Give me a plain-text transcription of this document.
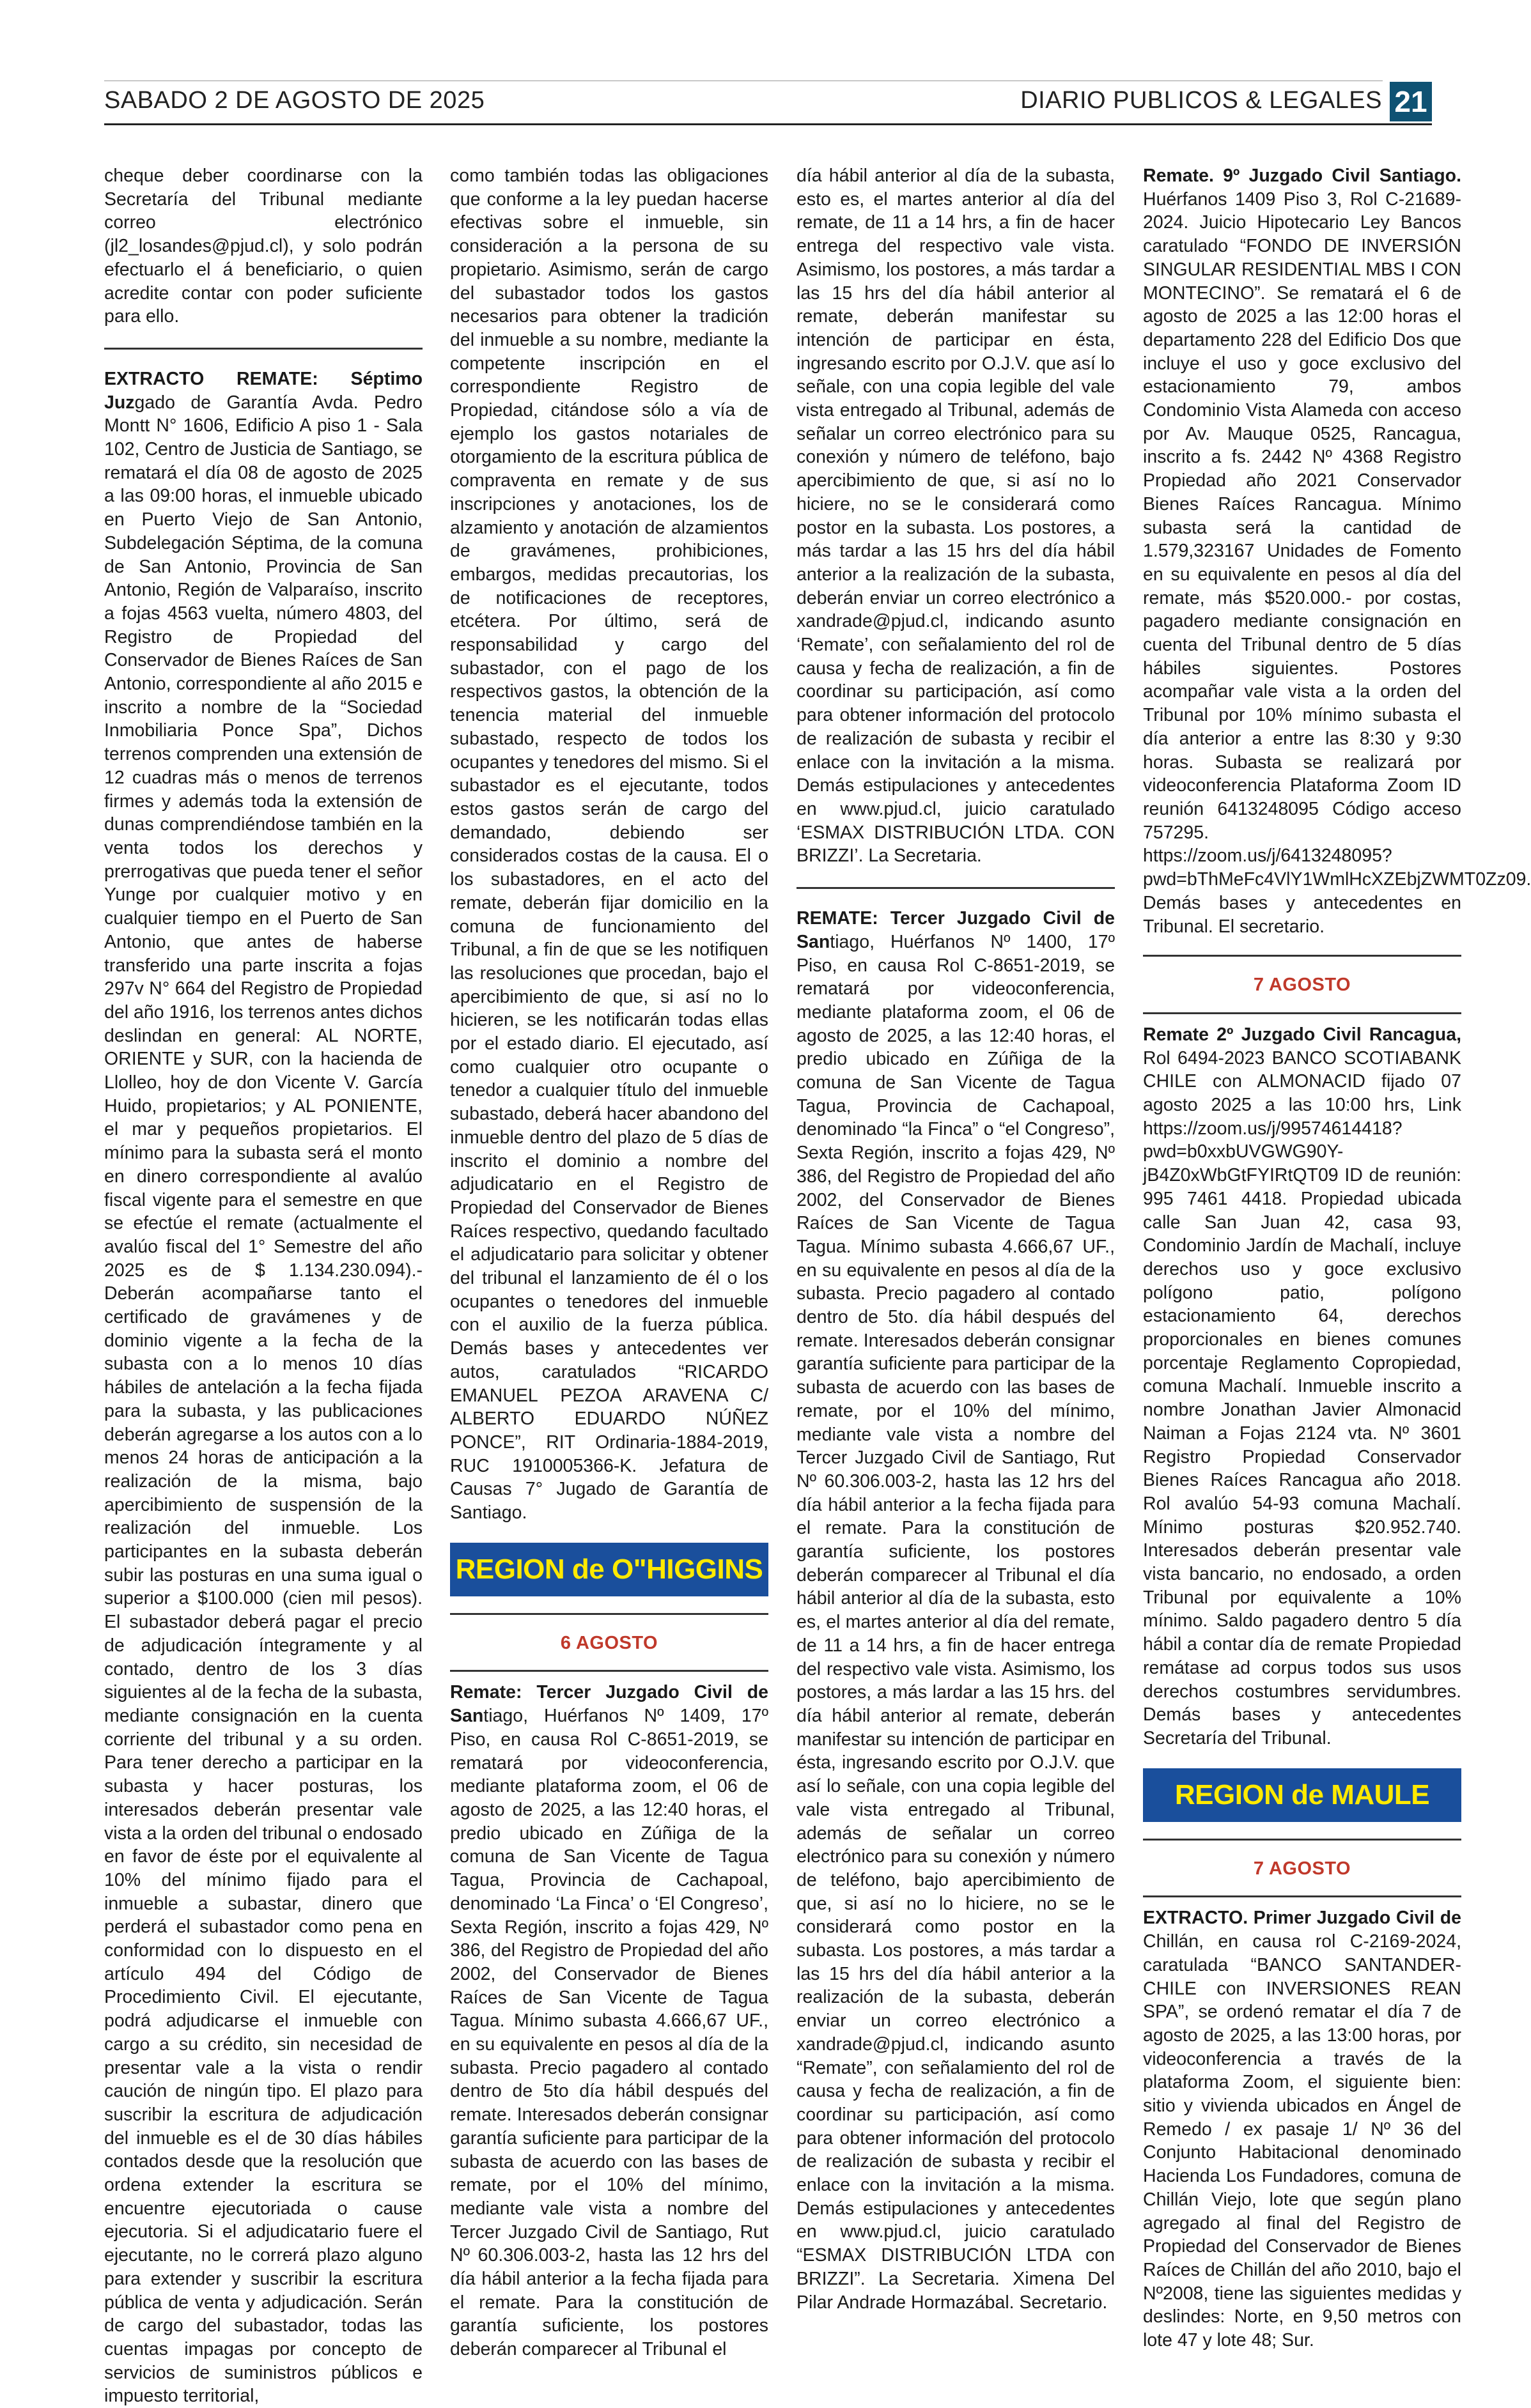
SABADO 2 DE AGOSTO DE 2025	DIARIO PUBLICOS & LEGALES 21

cheque deber coordinarse con la Secretaría del Tribunal mediante correo electrónico (jl2_losandes@pjud.cl), y solo podrán efectuarlo el á beneficiario, o quien acredite contar con poder suficiente para ello.

EXTRACTO REMATE: Séptimo Juzgado de Garantía Avda. Pedro Montt N° 1606, Edificio A piso 1 - Sala 102, Centro de Justicia de Santiago, se rematará el día 08 de agosto de 2025 a las 09:00 horas, el inmueble ubicado en Puerto Viejo de San Antonio, Subdelegación Séptima, de la comuna de San Antonio, Provincia de San Antonio, Región de Valparaíso, inscrito a fojas 4563 vuelta, número 4803, del Registro de Propiedad del Conservador de Bienes Raíces de San Antonio, correspondiente al año 2015 e inscrito a nombre de la “Sociedad Inmobiliaria Ponce Spa”, Dichos terrenos comprenden una extensión de 12 cuadras más o menos de terrenos firmes y además toda la extensión de dunas comprendiéndose también en la venta todos los derechos y prerrogativas que pueda tener el señor Yunge por cualquier motivo y en cualquier tiempo en el Puerto de San Antonio, que antes de haberse transferido una parte inscrita a fojas 297v N° 664 del Registro de Propiedad del año 1916, los terrenos antes dichos deslindan en general: AL NORTE, ORIENTE y SUR, con la hacienda de Llolleo, hoy de don Vicente V. García Huido, propietarios; y AL PONIENTE, el mar y pequeños propietarios. El mínimo para la subasta será el monto en dinero correspondiente al avalúo fiscal vigente para el semestre en que se efectúe el remate (actualmente el avalúo fiscal del 1° Semestre del año 2025 es de $ 1.134.230.094).- Deberán acompañarse tanto el certificado de gravámenes y de dominio vigente a la fecha de la subasta con a lo menos 10 días hábiles de antelación a la fecha fijada para la subasta, y las publicaciones deberán agregarse a los autos con a lo menos 24 horas de anticipación a la realización de la misma, bajo apercibimiento de suspensión de la realización del inmueble. Los participantes en la subasta deberán subir las posturas en una suma igual o superior a $100.000 (cien mil pesos). El subastador deberá pagar el precio de adjudicación íntegramente y al contado, dentro de los 3 días siguientes al de la fecha de la subasta, mediante consignación en la cuenta corriente del tribunal y a su orden. Para tener derecho a participar en la subasta y hacer posturas, los interesados deberán presentar vale vista a la orden del tribunal o endosado en favor de éste por el equivalente al 10% del mínimo fijado para el inmueble a subastar, dinero que perderá el subastador como pena en conformidad con lo dispuesto en el artículo 494 del Código de Procedimiento Civil. El ejecutante, podrá adjudicarse el inmueble con cargo a su crédito, sin necesidad de presentar vale a la vista o rendir caución de ningún tipo. El plazo para suscribir la escritura de adjudicación del inmueble es el de 30 días hábiles contados desde que la resolución que ordena extender la escritura se encuentre ejecutoriada o cause ejecutoria. Si el adjudicatario fuere el ejecutante, no le correrá plazo alguno para extender y suscribir la escritura pública de venta y adjudicación. Serán de cargo del subastador, todas las cuentas impagas por concepto de servicios de suministros públicos e impuesto territorial,

como también todas las obligaciones que conforme a la ley puedan hacerse efectivas sobre el inmueble, sin consideración a la persona de su propietario. Asimismo, serán de cargo del subastador todos los gastos necesarios para obtener la tradición del inmueble a su nombre, mediante la competente inscripción en el correspondiente Registro de Propiedad, citándose sólo a vía de ejemplo los gastos notariales de otorgamiento de la escritura pública de compraventa en remate y de sus inscripciones y anotaciones, los de alzamiento y anotación de alzamientos de gravámenes, prohibiciones, embargos, medidas precautorias, los de notificaciones de receptores, etcétera. Por último, será de responsabilidad y cargo del subastador, con el pago de los respectivos gastos, la obtención de la tenencia material del inmueble subastado, respecto de todos los ocupantes y tenedores del mismo. Si el subastador es el ejecutante, todos estos gastos serán de cargo del demandado, debiendo ser considerados costas de la causa. El o los subastadores, en el acto del remate, deberán fijar domicilio en la comuna de funcionamiento del Tribunal, a fin de que se les notifiquen las resoluciones que procedan, bajo el apercibimiento de que, si así no lo hicieren, se les notificarán todas ellas por el estado diario. El ejecutado, así como cualquier otro ocupante o tenedor a cualquier título del inmueble subastado, deberá hacer abandono del inmueble dentro del plazo de 5 días de inscrito el dominio a nombre del adjudicatario en el Registro de Propiedad del Conservador de Bienes Raíces respectivo, quedando facultado el adjudicatario para solicitar y obtener del tribunal el lanzamiento de él o los ocupantes o tenedores del inmueble con el auxilio de la fuerza pública. Demás bases y antecedentes ver autos, caratulados “RICARDO EMANUEL PEZOA ARAVENA C/ ALBERTO EDUARDO NÚÑEZ PONCE”, RIT Ordinaria-1884-2019, RUC 1910005366-K. Jefatura de Causas 7° Jugado de Garantía de Santiago.

REGION de O"HIGGINS
6 AGOSTO

Remate: Tercer Juzgado Civil de Santiago, Huérfanos Nº 1409, 17º Piso, en causa Rol C-8651-2019, se rematará por videoconferencia, mediante plataforma zoom, el 06 de agosto de 2025, a las 12:40 horas, el predio ubicado en Zúñiga de la comuna de San Vicente de Tagua Tagua, Provincia de Cachapoal, denominado ‘La Finca’ o ‘El Congreso’, Sexta Región, inscrito a fojas 429, Nº 386, del Registro de Propiedad del año 2002, del Conservador de Bienes Raíces de San Vicente de Tagua Tagua. Mínimo subasta 4.666,67 UF., en su equivalente en pesos al día de la subasta. Precio pagadero al contado dentro de 5to día hábil después del remate. Interesados deberán consignar garantía suficiente para participar de la subasta de acuerdo con las bases de remate, por el 10% del mínimo, mediante vale vista a nombre del Tercer Juzgado Civil de Santiago, Rut Nº 60.306.003-2, hasta las 12 hrs del día hábil anterior a la fecha fijada para el remate. Para la constitución de garantía suficiente, los postores deberán comparecer al Tribunal el

día hábil anterior al día de la subasta, esto es, el martes anterior al día del remate, de 11 a 14 hrs, a fin de hacer entrega del respectivo vale vista. Asimismo, los postores, a más tardar a las 15 hrs del día hábil anterior al remate, deberán manifestar su intención de participar en ésta, ingresando escrito por O.J.V. que así lo señale, con una copia legible del vale vista entregado al Tribunal, además de señalar un correo electrónico para su conexión y número de teléfono, bajo apercibimiento de que, si así no lo hiciere, no se le considerará como postor en la subasta. Los postores, a más tardar a las 15 hrs del día hábil anterior a la realización de la subasta, deberán enviar un correo electrónico a xandrade@pjud.cl, indicando asunto ‘Remate’, con señalamiento del rol de causa y fecha de realización, a fin de coordinar su participación, así como para obtener información del protocolo de realización de subasta y recibir el enlace con la invitación a la misma. Demás estipulaciones y antecedentes en www.pjud.cl, juicio caratulado ‘ESMAX DISTRIBUCIÓN LTDA. CON BRIZZI’. La Secretaria.

REMATE: Tercer Juzgado Civil de Santiago, Huérfanos Nº 1400, 17º Piso, en causa Rol C-8651-2019, se rematará por videoconferencia, mediante plataforma zoom, el 06 de agosto de 2025, a las 12:40 horas, el predio ubicado en Zúñiga de la comuna de San Vicente de Tagua Tagua, Provincia de Cachapoal, denominado “la Finca” o “el Congreso”, Sexta Región, inscrito a fojas 429, Nº 386, del Registro de Propiedad del año 2002, del Conservador de Bienes Raíces de San Vicente de Tagua Tagua. Mínimo subasta 4.666,67 UF., en su equivalente en pesos al día de la subasta. Precio pagadero al contado dentro de 5to. día hábil después del remate. Interesados deberán consignar garantía suficiente para participar de la subasta de acuerdo con las bases de remate, por el 10% del mínimo, mediante vale vista a nombre del Tercer Juzgado Civil de Santiago, Rut Nº 60.306.003-2, hasta las 12 hrs del día hábil anterior a la fecha fijada para el remate. Para la constitución de garantía suficiente, los postores deberán comparecer al Tribunal el día hábil anterior al día de la subasta, esto es, el martes anterior al día del remate, de 11 a 14 hrs, a fin de hacer entrega del respectivo vale vista. Asimismo, los postores, a más lardar a las 15 hrs. del día hábil anterior al remate, deberán manifestar su intención de participar en ésta, ingresando escrito por O.J.V. que así lo señale, con una copia legible del vale vista entregado al Tribunal, además de señalar un correo electrónico para su conexión y número de teléfono, bajo apercibimiento de que, si así no lo hiciere, no se le considerará como postor en la subasta. Los postores, a más tardar a las 15 hrs del día hábil anterior a la realización de la subasta, deberán enviar un correo electrónico a xandrade@pjud.cl, indicando asunto “Remate”, con señalamiento del rol de causa y fecha de realización, a fin de coordinar su participación, así como para obtener información del protocolo de realización de subasta y recibir el enlace con la invitación a la misma. Demás estipulaciones y antecedentes en www.pjud.cl, juicio caratulado “ESMAX DISTRIBUCIÓN LTDA con BRIZZI”. La Secretaria. Ximena Del Pilar Andrade Hormazábal. Secretario.

Remate. 9º Juzgado Civil Santiago. Huérfanos 1409 Piso 3, Rol C-21689-2024. Juicio Hipotecario Ley Bancos caratulado “FONDO DE INVERSIÓN SINGULAR RESIDENTIAL MBS I CON MONTECINO”. Se rematará el 6 de agosto de 2025 a las 12:00 horas el departamento 228 del Edificio Dos que incluye el uso y goce exclusivo del estacionamiento 79, ambos Condominio Vista Alameda con acceso por Av. Mauque 0525, Rancagua, inscrito a fs. 2442 Nº 4368 Registro Propiedad año 2021 Conservador Bienes Raíces Rancagua. Mínimo subasta será la cantidad de 1.579,323167 Unidades de Fomento en su equivalente en pesos al día del remate, más $520.000.- por costas, pagadero mediante consignación en cuenta del Tribunal dentro de 5 días hábiles siguientes. Postores acompañar vale vista a la orden del Tribunal por 10% mínimo subasta el día anterior a entre las 8:30 y 9:30 horas. Subasta se realizará por videoconferencia Plataforma Zoom ID reunión 6413248095 Código acceso 757295. https://zoom.us/j/6413248095?pwd=bThMeFc4VlY1WmlHcXZEbjZWMT0Zz09. Demás bases y antecedentes en Tribunal. El secretario.

7 AGOSTO

Remate 2º Juzgado Civil Rancagua, Rol 6494-2023 BANCO SCOTIABANK CHILE con ALMONACID fijado 07 agosto 2025 a las 10:00 hrs, Link https://zoom.us/j/99574614418?pwd=b0xxbUVGWG90Y-jB4Z0xWbGtFYIRtQT09 ID de reunión: 995 7461 4418. Propiedad ubicada calle San Juan 42, casa 93, Condominio Jardín de Machalí, incluye derechos uso y goce exclusivo polígono patio, polígono estacionamiento 64, derechos proporcionales en bienes comunes porcentaje Reglamento Copropiedad, comuna Machalí. Inmueble inscrito a nombre Jonathan Javier Almonacid Naiman a Fojas 2124 vta. Nº 3601 Registro Propiedad Conservador Bienes Raíces Rancagua año 2018. Rol avalúo 54-93 comuna Machalí. Mínimo posturas $20.952.740. Interesados deberán presentar vale vista bancario, no endosado, a orden Tribunal por equivalente a 10% mínimo. Saldo pagadero dentro 5 día hábil a contar día de remate Propiedad remátase ad corpus todos sus usos derechos costumbres servidumbres. Demás bases y antecedentes Secretaría del Tribunal.

REGION de MAULE
7 AGOSTO

EXTRACTO. Primer Juzgado Civil de Chillán, en causa rol C-2169-2024, caratulada “BANCO SANTANDER- CHILE con INVERSIONES REAN SPA”, se ordenó rematar el día 7 de agosto de 2025, a las 13:00 horas, por videoconferencia a través de la plataforma Zoom, el siguiente bien: sitio y vivienda ubicados en Ángel de Remedo / ex pasaje 1/ Nº 36 del Conjunto Habitacional denominado Hacienda Los Fundadores, comuna de Chillán Viejo, lote que según plano agregado al final del Registro de Propiedad del Conservador de Bienes Raíces de Chillán del año 2010, bajo el Nº2008, tiene las siguientes medidas y deslindes: Norte, en 9,50 metros con lote 47 y lote 48; Sur.
